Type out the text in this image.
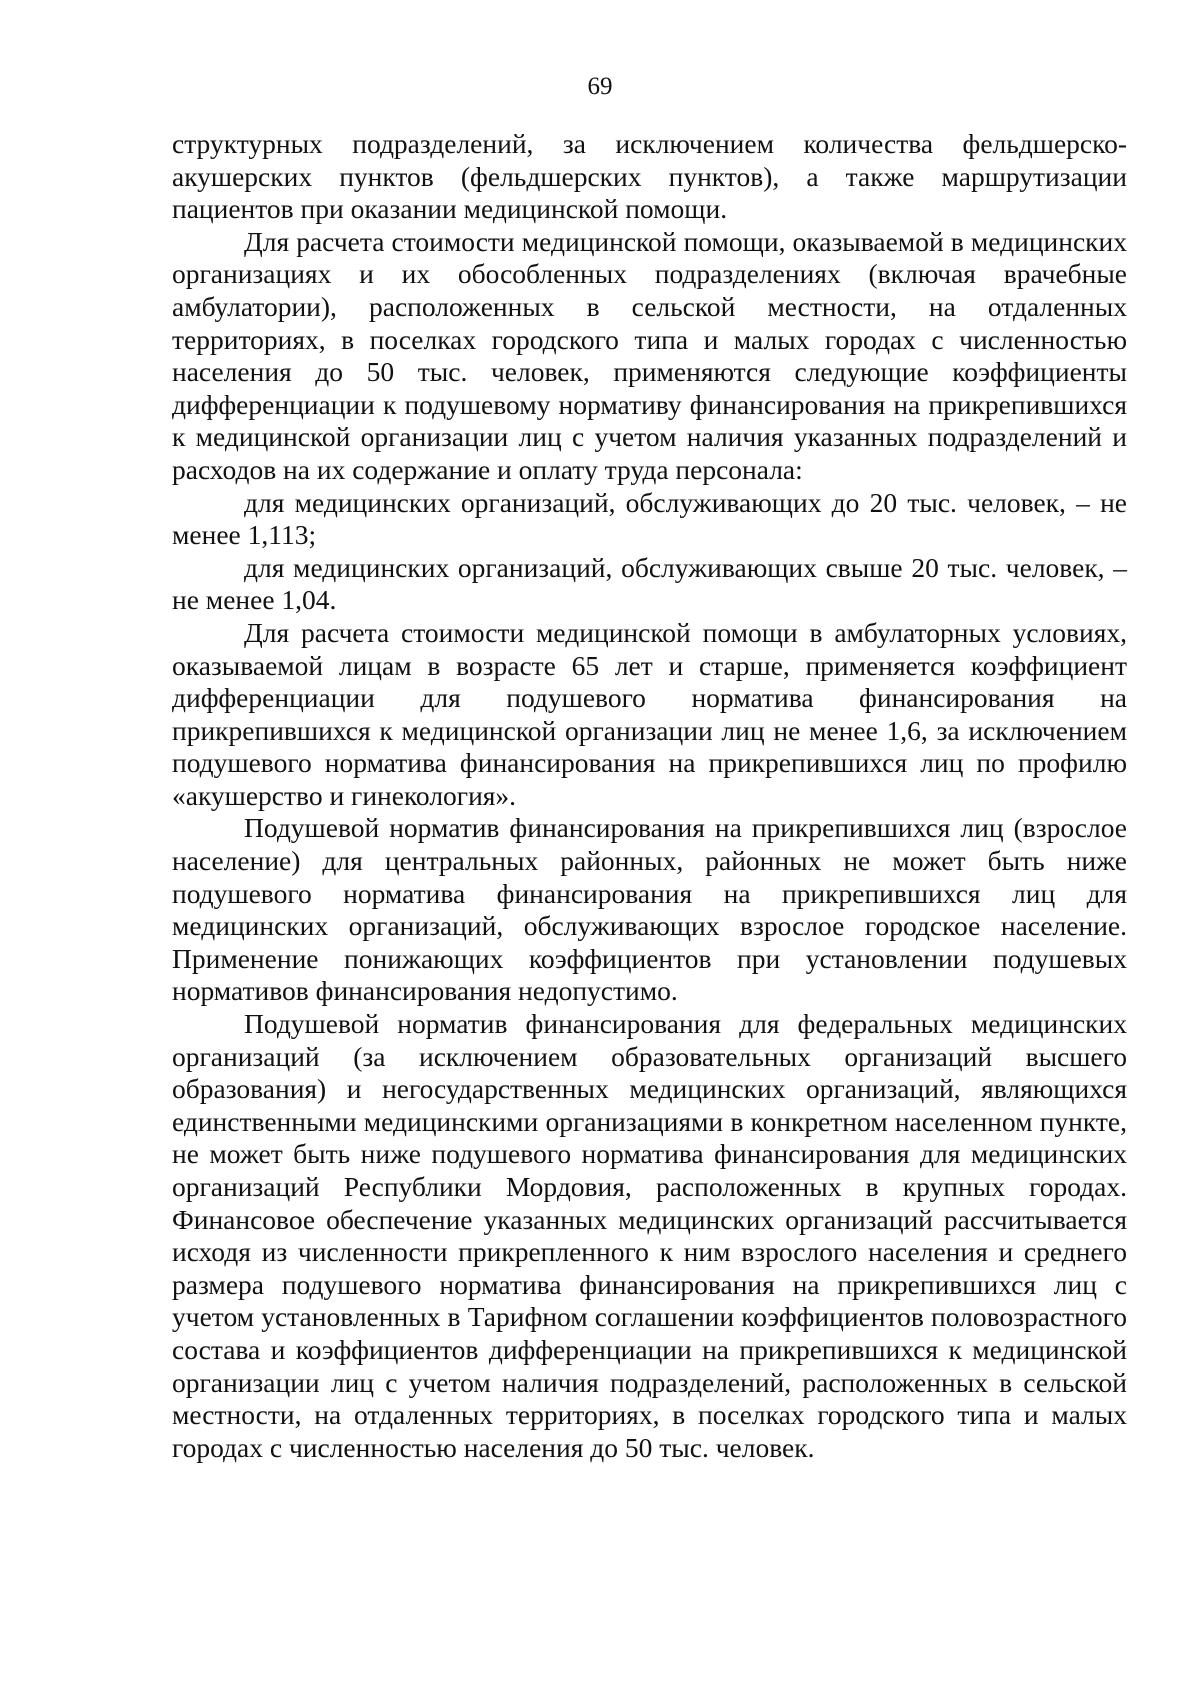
69

структурных подразделений, за исключением количества фельдшерско-акушерских пунктов (фельдшерских пунктов), а также маршрутизации пациентов при оказании медицинской помощи.

Для расчета стоимости медицинской помощи, оказываемой в медицинских организациях и их обособленных подразделениях (включая врачебные амбулатории), расположенных в сельской местности, на отдаленных территориях, в поселках городского типа и малых городах с численностью населения до 50 тыс. человек, применяются следующие коэффициенты дифференциации к подушевому нормативу финансирования на прикрепившихся к медицинской организации лиц с учетом наличия указанных подразделений и расходов на их содержание и оплату труда персонала:

для медицинских организаций, обслуживающих до 20 тыс. человек, – не менее 1,113;

для медицинских организаций, обслуживающих свыше 20 тыс. человек, – не менее 1,04.

Для расчета стоимости медицинской помощи в амбулаторных условиях, оказываемой лицам в возрасте 65 лет и старше, применяется коэффициент дифференциации для подушевого норматива финансирования на прикрепившихся к медицинской организации лиц не менее 1,6, за исключением подушевого норматива финансирования на прикрепившихся лиц по профилю «акушерство и гинекология».

Подушевой норматив финансирования на прикрепившихся лиц (взрослое население) для центральных районных, районных не может быть ниже подушевого норматива финансирования на прикрепившихся лиц для медицинских организаций, обслуживающих взрослое городское население. Применение понижающих коэффициентов при установлении подушевых нормативов финансирования недопустимо.

Подушевой норматив финансирования для федеральных медицинских организаций (за исключением образовательных организаций высшего образования) и негосударственных медицинских организаций, являющихся единственными медицинскими организациями в конкретном населенном пункте, не может быть ниже подушевого норматива финансирования для медицинских организаций Республики Мордовия, расположенных в крупных городах. Финансовое обеспечение указанных медицинских организаций рассчитывается исходя из численности прикрепленного к ним взрослого населения и среднего размера подушевого норматива финансирования на прикрепившихся лиц с учетом установленных в Тарифном соглашении коэффициентов половозрастного состава и коэффициентов дифференциации на прикрепившихся к медицинской организации лиц с учетом наличия подразделений, расположенных в сельской местности, на отдаленных территориях, в поселках городского типа и малых городах с численностью населения до 50 тыс. человек.
